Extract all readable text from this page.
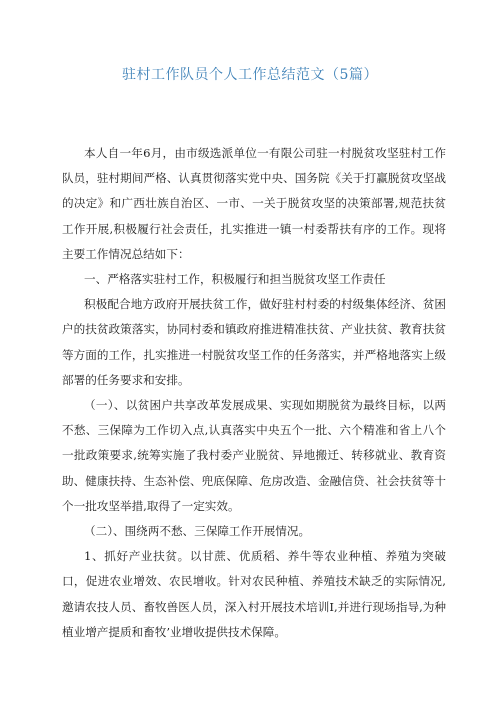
驻村工作队员个人工作总结范文（5篇）

本人自一年6月，由市级选派单位一有限公司驻一村脱贫攻坚驻村工作队员，驻村期间严格、认真贯彻落实党中央、国务院《关于打赢脱贫攻坚战的决定》和广西壮族自治区、一市、一关于脱贫攻坚的决策部署,规范扶贫工作开展,积极履行社会责任，扎实推进一镇一村委帮扶有序的工作。现将主要工作情况总结如下：

一、严格落实驻村工作，积极履行和担当脱贫攻坚工作责任

积极配合地方政府开展扶贫工作，做好驻村村委的村级集体经济、贫困户的扶贫政策落实，协同村委和镇政府推进精准扶贫、产业扶贫、教育扶贫等方面的工作，扎实推进一村脱贫攻坚工作的任务落实，并严格地落实上级部署的任务要求和安排。

（一）、以贫困户共享改革发展成果、实现如期脱贫为最终目标，以两不愁、三保障为工作切入点,认真落实中央五个一批、六个精准和省上八个一批政策要求,统筹实施了我村委产业脱贫、异地搬迁、转移就业、教育资助、健康扶持、生态补偿、兜底保障、危房改造、金融信贷、社会扶贫等十个一批攻坚举措,取得了一定实效。

（二）、围绕两不愁、三保障工作开展情况。

1、抓好产业扶贫。以甘蔗、优质稻、养牛等农业种植、养殖为突破口，促进农业增效、农民增收。针对农民种植、养殖技术缺乏的实际情况,邀请农技人员、畜牧兽医人员，深入村开展技术培训Ⅰ,并进行现场指导,为种植业增产提质和畜牧’业增收提供技术保障。
